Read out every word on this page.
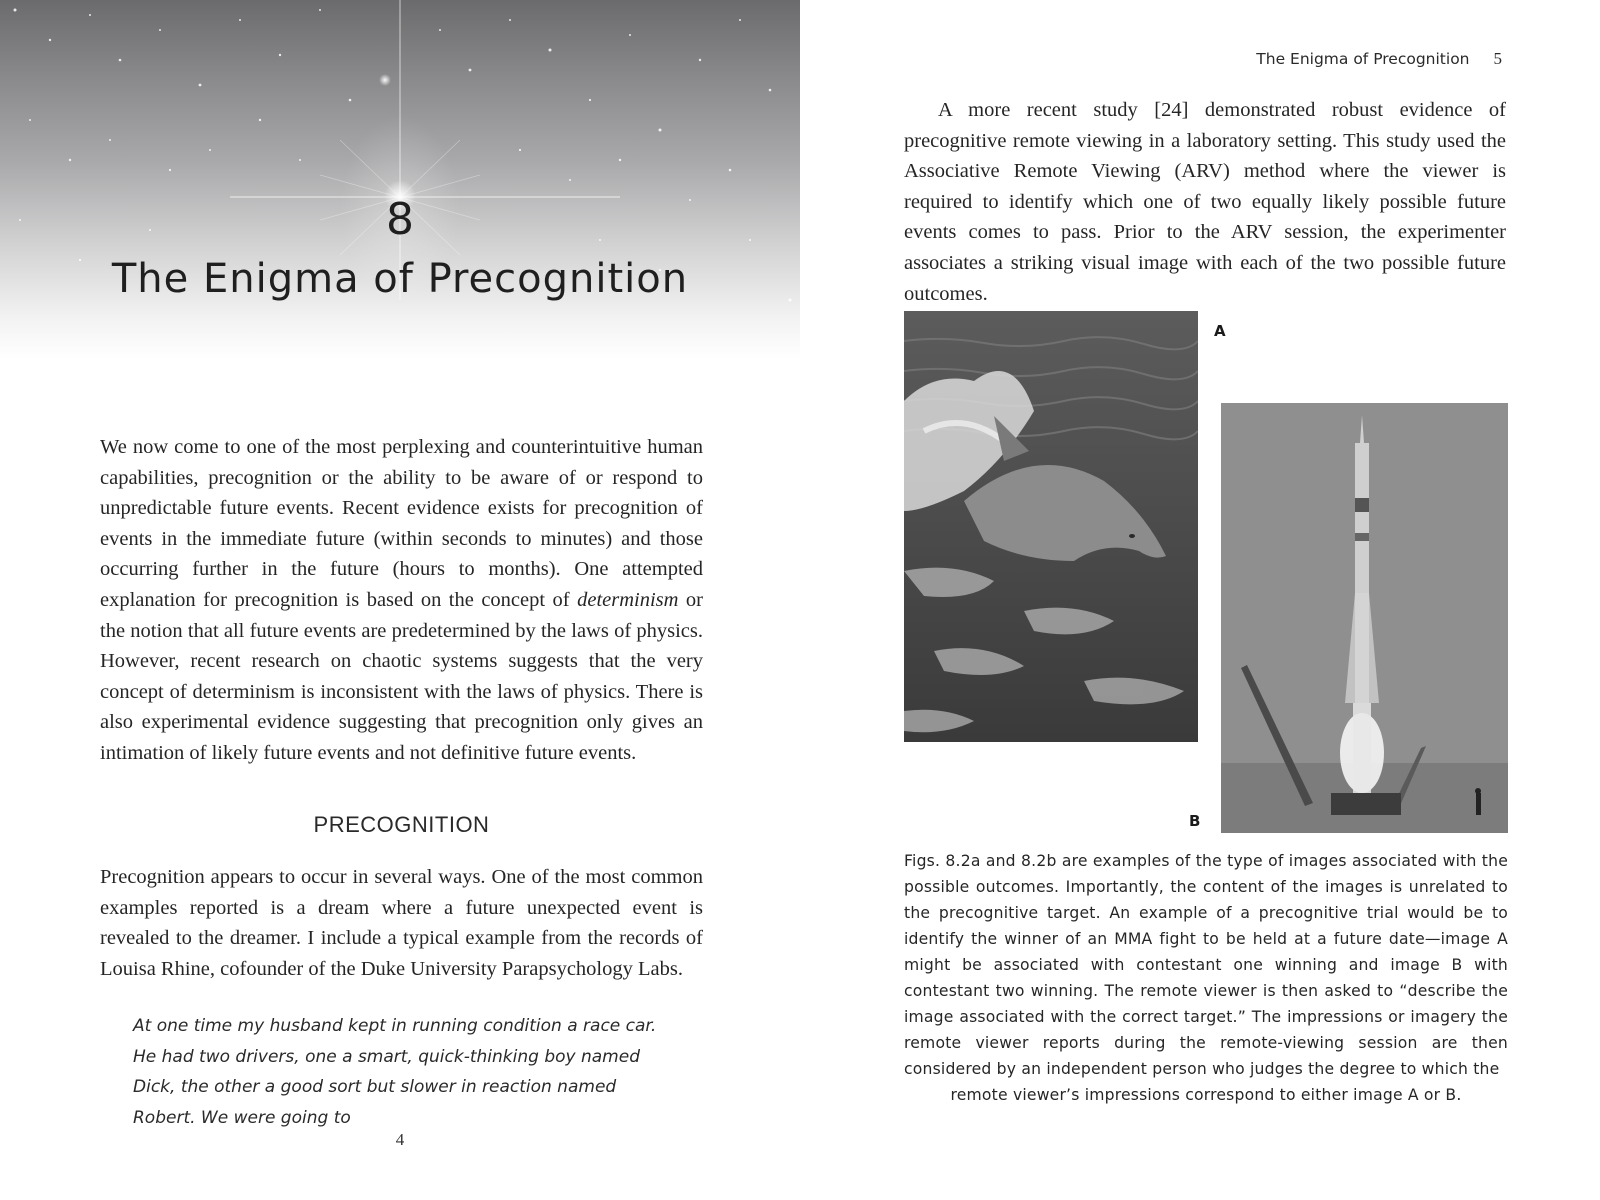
8
The Enigma of Precognition

We now come to one of the most perplexing and counterintuitive human capabilities, precognition or the ability to be aware of or respond to unpredictable future events. Recent evidence exists for precognition of events in the immediate future (within seconds to minutes) and those occurring further in the future (hours to months). One attempted explanation for precognition is based on the concept of determinism or the notion that all future events are predetermined by the laws of physics. However, recent research on chaotic systems suggests that the very concept of determinism is inconsistent with the laws of physics. There is also experimental evidence suggesting that precognition only gives an intimation of likely future events and not definitive future events.

PRECOGNITION

Precognition appears to occur in several ways. One of the most common examples reported is a dream where a future unexpected event is revealed to the dreamer. I include a typical example from the records of Louisa Rhine, cofounder of the Duke University Parapsychology Labs.

At one time my husband kept in running condition a race car. He had two drivers, one a smart, quick-thinking boy named Dick, the other a good sort but slower in reaction named Robert. We were going to

4
The Enigma of Precognition 5

A more recent study [24] demonstrated robust evidence of precognitive remote viewing in a laboratory setting. This study used the Associative Remote Viewing (ARV) method where the viewer is required to identify which one of two equally likely possible future events comes to pass. Prior to the ARV session, the experimenter associates a striking visual image with each of the two possible future outcomes.

A
B

Figs. 8.2a and 8.2b are examples of the type of images associated with the possible outcomes. Importantly, the content of the images is unrelated to the precognitive target. An example of a precognitive trial would be to identify the winner of an MMA fight to be held at a future date—image A might be associated with contestant one winning and image B with contestant two winning. The remote viewer is then asked to “describe the image associated with the correct target.” The impressions or imagery the remote viewer reports during the remote-viewing session are then considered by an independent person who judges the degree to which the
remote viewer’s impressions correspond to either image A or B.
